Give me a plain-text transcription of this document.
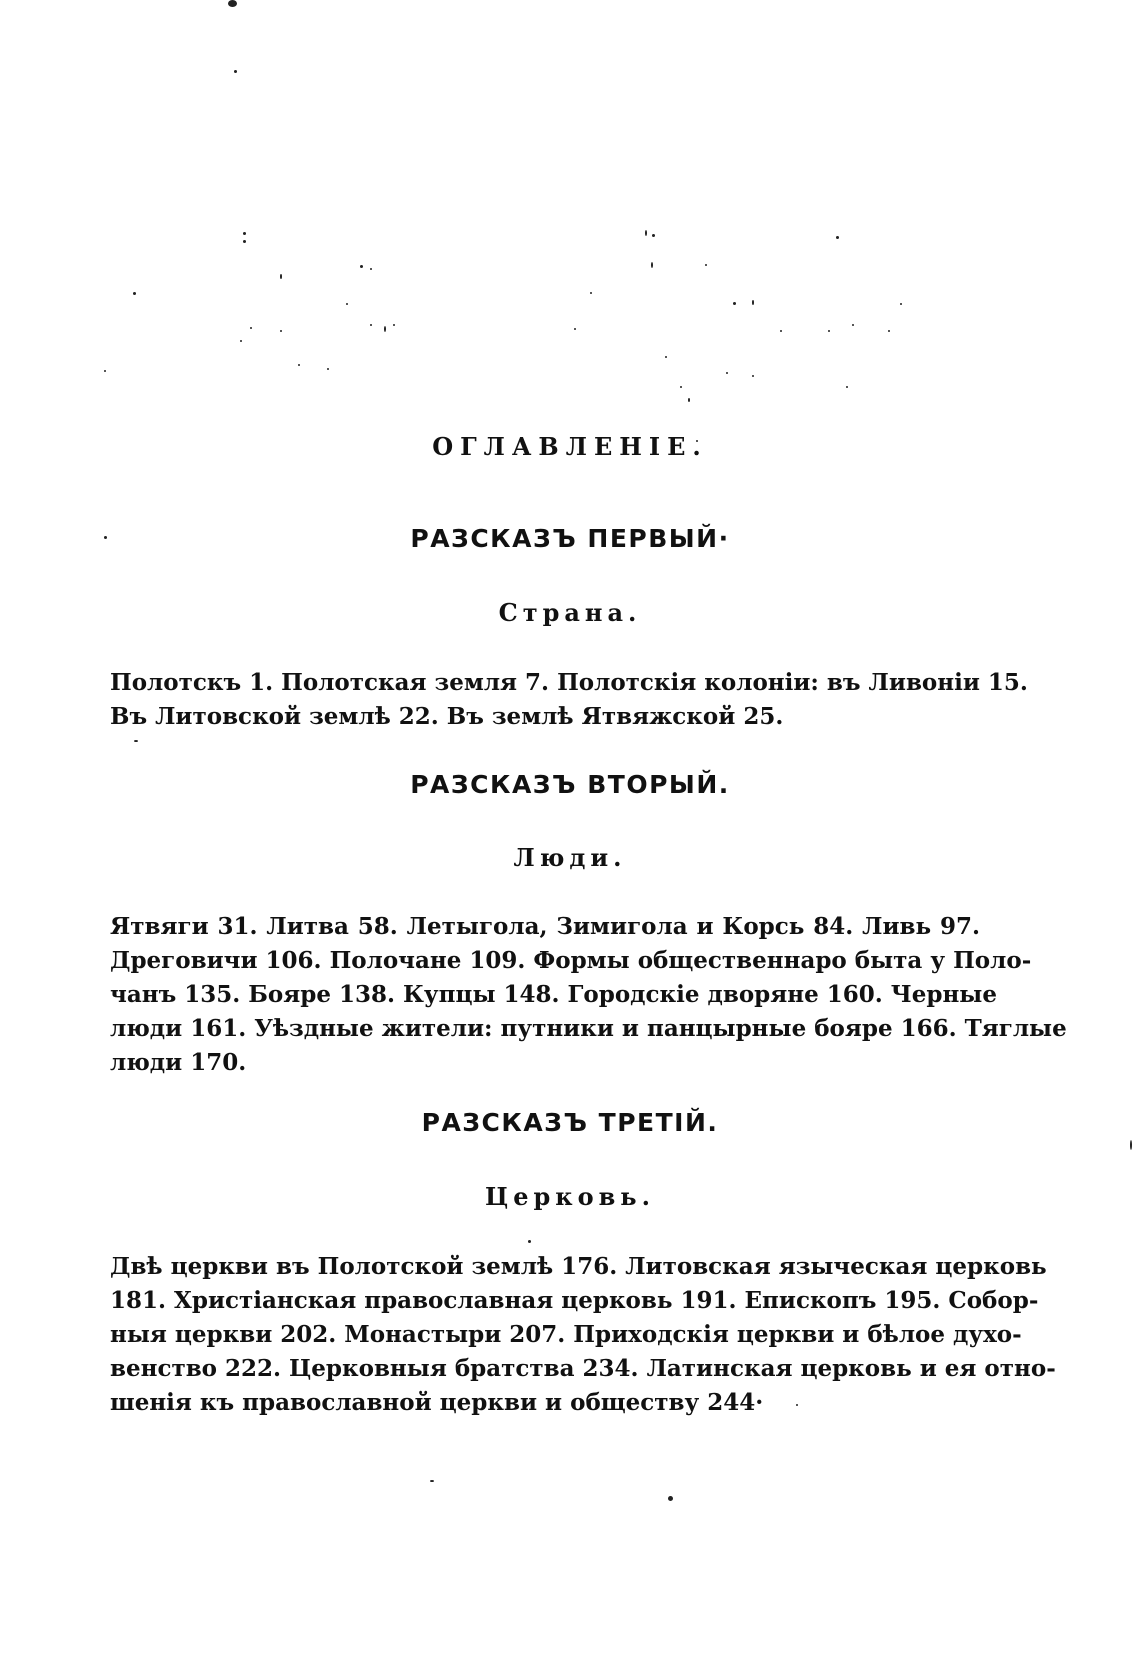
ОГЛАВЛЕНІЕ.
РАЗСКАЗЪ ПЕРВЫЙ·
Страна.
Полотскъ 1. Полотская земля 7. Полотскія колоніи: въ Ливоніи 15.
Въ Литовской землѣ 22. Въ землѣ Ятвяжской 25.
РАЗСКАЗЪ ВТОРЫЙ.
Люди.
Ятвяги 31. Литва 58. Летыгола, Зимигола и Корсь 84. Ливь 97.
Дреговичи 106. Полочане 109. Формы общественнаро быта у Поло-
чанъ 135. Бояре 138. Купцы 148. Городскіе дворяне 160. Черные
люди 161. Уѣздные жители: путники и панцырные бояре 166. Тяглые
люди 170.
РАЗСКАЗЪ ТРЕТІЙ.
Церковь.
Двѣ церкви въ Полотской землѣ 176. Литовская языческая церковь
181. Христіанская православная церковь 191. Епископъ 195. Собор-
ныя церкви 202. Монастыри 207. Приходскія церкви и бѣлое духо-
венство 222. Церковныя братства 234. Латинская церковь и ея отно-
шенія къ православной церкви и обществу 244·
